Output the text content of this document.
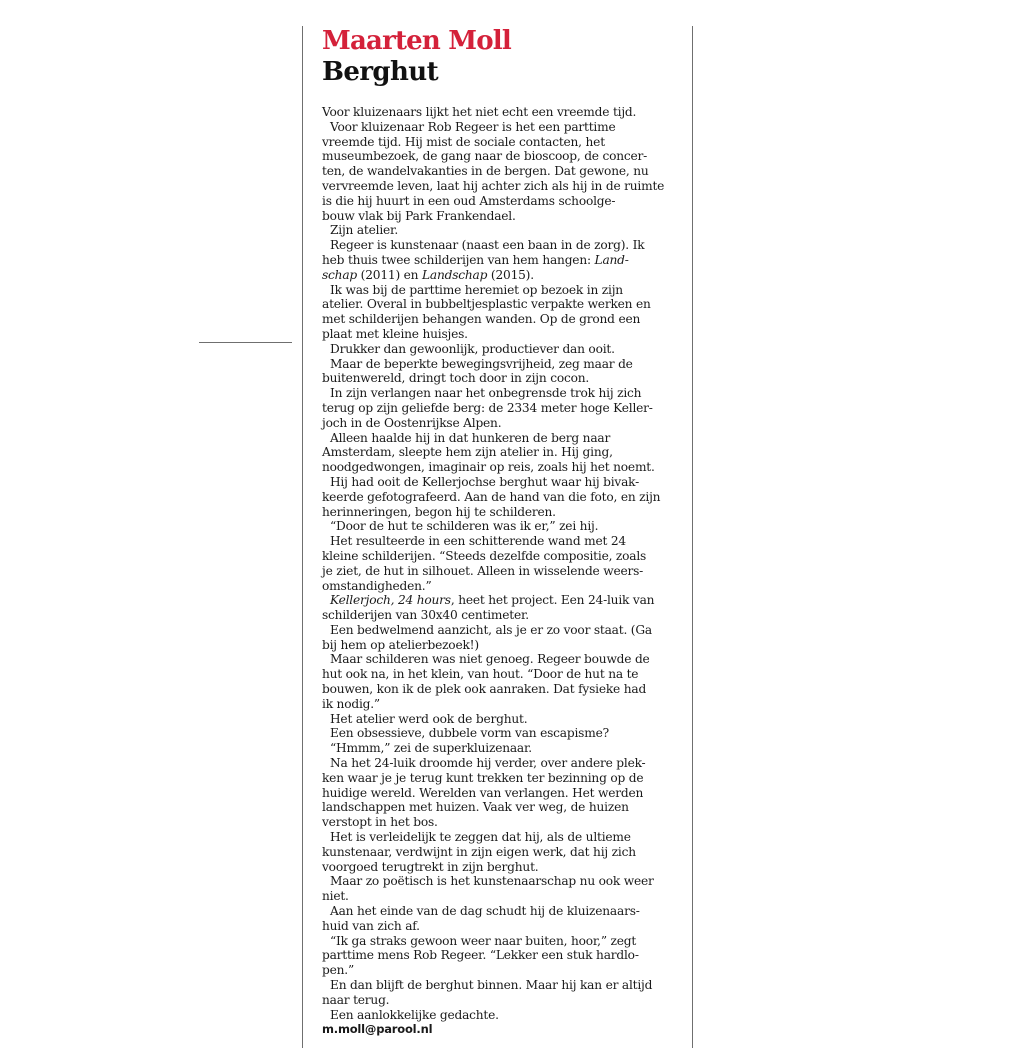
Maarten Moll
Berghut
Voor kluizenaars lijkt het niet echt een vreemde tijd.
Voor kluizenaar Rob Regeer is het een parttime
vreemde tijd. Hij mist de sociale contacten, het
museumbezoek, de gang naar de bioscoop, de concer-
ten, de wandelvakanties in de bergen. Dat gewone, nu
vervreemde leven, laat hij achter zich als hij in de ruimte
is die hij huurt in een oud Amsterdams schoolge-
bouw vlak bij Park Frankendael.
Zijn atelier.
Regeer is kunstenaar (naast een baan in de zorg). Ik
heb thuis twee schilderijen van hem hangen: Land-
schap (2011) en Landschap (2015).
Ik was bij de parttime heremiet op bezoek in zijn
atelier. Overal in bubbeltjesplastic verpakte werken en
met schilderijen behangen wanden. Op de grond een
plaat met kleine huisjes.
Drukker dan gewoonlijk, productiever dan ooit.
Maar de beperkte bewegingsvrijheid, zeg maar de
buitenwereld, dringt toch door in zijn cocon.
In zijn verlangen naar het onbegrensde trok hij zich
terug op zijn geliefde berg: de 2334 meter hoge Keller-
joch in de Oostenrijkse Alpen.
Alleen haalde hij in dat hunkeren de berg naar
Amsterdam, sleepte hem zijn atelier in. Hij ging,
noodgedwongen, imaginair op reis, zoals hij het noemt.
Hij had ooit de Kellerjochse berghut waar hij bivak-
keerde gefotografeerd. Aan de hand van die foto, en zijn
herinneringen, begon hij te schilderen.
“Door de hut te schilderen was ik er,” zei hij.
Het resulteerde in een schitterende wand met 24
kleine schilderijen. “Steeds dezelfde compositie, zoals
je ziet, de hut in silhouet. Alleen in wisselende weers-
omstandigheden.”
Kellerjoch, 24 hours, heet het project. Een 24-luik van
schilderijen van 30x40 centimeter.
Een bedwelmend aanzicht, als je er zo voor staat. (Ga
bij hem op atelierbezoek!)
Maar schilderen was niet genoeg. Regeer bouwde de
hut ook na, in het klein, van hout. “Door de hut na te
bouwen, kon ik de plek ook aanraken. Dat fysieke had
ik nodig.”
Het atelier werd ook de berghut.
Een obsessieve, dubbele vorm van escapisme?
“Hmmm,” zei de superkluizenaar.
Na het 24-luik droomde hij verder, over andere plek-
ken waar je je terug kunt trekken ter bezinning op de
huidige wereld. Werelden van verlangen. Het werden
landschappen met huizen. Vaak ver weg, de huizen
verstopt in het bos.
Het is verleidelijk te zeggen dat hij, als de ultieme
kunstenaar, verdwijnt in zijn eigen werk, dat hij zich
voorgoed terugtrekt in zijn berghut.
Maar zo poëtisch is het kunstenaarschap nu ook weer
niet.
Aan het einde van de dag schudt hij de kluizenaars-
huid van zich af.
“Ik ga straks gewoon weer naar buiten, hoor,” zegt
parttime mens Rob Regeer. “Lekker een stuk hardlo-
pen.”
En dan blijft de berghut binnen. Maar hij kan er altijd
naar terug.
Een aanlokkelijke gedachte.
m.moll@parool.nl
